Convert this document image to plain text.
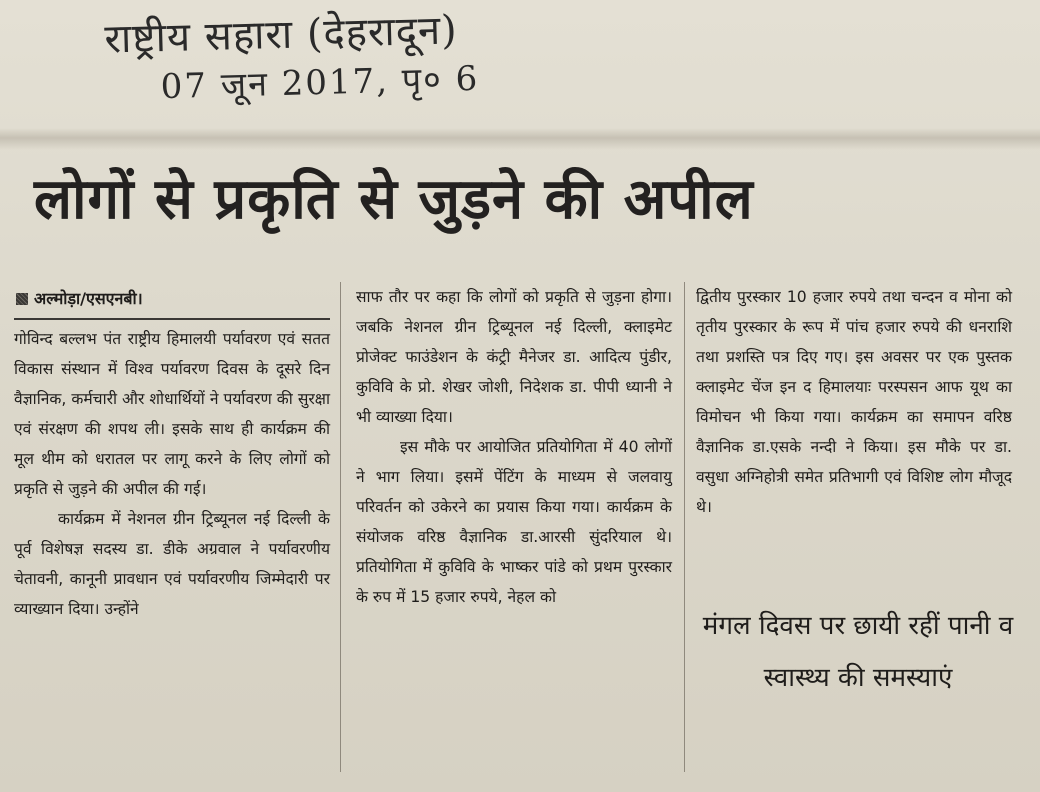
राष्ट्रीय सहारा (देहरादून)
07 जून 2017, पृ० 6
लोगों से प्रकृति से जुड़ने की अपील
अल्मोड़ा/एसएनबी।

गोविन्द बल्लभ पंत राष्ट्रीय हिमालयी पर्यावरण एवं सतत विकास संस्थान में विश्व पर्यावरण दिवस के दूसरे दिन वैज्ञानिक, कर्मचारी और शोधार्थियों ने पर्यावरण की सुरक्षा एवं संरक्षण की शपथ ली। इसके साथ ही कार्यक्रम की मूल थीम को धरातल पर लागू करने के लिए लोगों को प्रकृति से जुड़ने की अपील की गई।

कार्यक्रम में नेशनल ग्रीन ट्रिब्यूनल नई दिल्ली के पूर्व विशेषज्ञ सदस्य डा. डीके अग्रवाल ने पर्यावरणीय चेतावनी, कानूनी प्रावधान एवं पर्यावरणीय जिम्मेदारी पर व्याख्यान दिया। उन्होंने

साफ तौर पर कहा कि लोगों को प्रकृति से जुड़ना होगा। जबकि नेशनल ग्रीन ट्रिब्यूनल नई दिल्ली, क्लाइमेट प्रोजेक्ट फाउंडेशन के कंट्री मैनेजर डा. आदित्य पुंडीर, कुविवि के प्रो. शेखर जोशी, निदेशक डा. पीपी ध्यानी ने भी व्याख्या दिया।

इस मौके पर आयोजित प्रतियोगिता में 40 लोगों ने भाग लिया। इसमें पेंटिंग के माध्यम से जलवायु परिवर्तन को उकेरने का प्रयास किया गया। कार्यक्रम के संयोजक वरिष्ठ वैज्ञानिक डा.आरसी सुंदरियाल थे। प्रतियोगिता में कुविवि के भाष्कर पांडे को प्रथम पुरस्कार के रुप में 15 हजार रुपये, नेहल को

द्वितीय पुरस्कार 10 हजार रुपये तथा चन्दन व मोना को तृतीय पुरस्कार के रूप में पांच हजार रुपये की धनराशि तथा प्रशस्ति पत्र दिए गए। इस अवसर पर एक पुस्तक क्लाइमेट चेंज इन द हिमालयाः परस्पसन आफ यूथ का विमोचन भी किया गया। कार्यक्रम का समापन वरिष्ठ वैज्ञानिक डा.एसके नन्दी ने किया। इस मौके पर डा. वसुधा अग्निहोत्री समेत प्रतिभागी एवं विशिष्ट लोग मौजूद थे।

मंगल दिवस पर छायी रहीं पानी व स्वास्थ्य की समस्याएं
